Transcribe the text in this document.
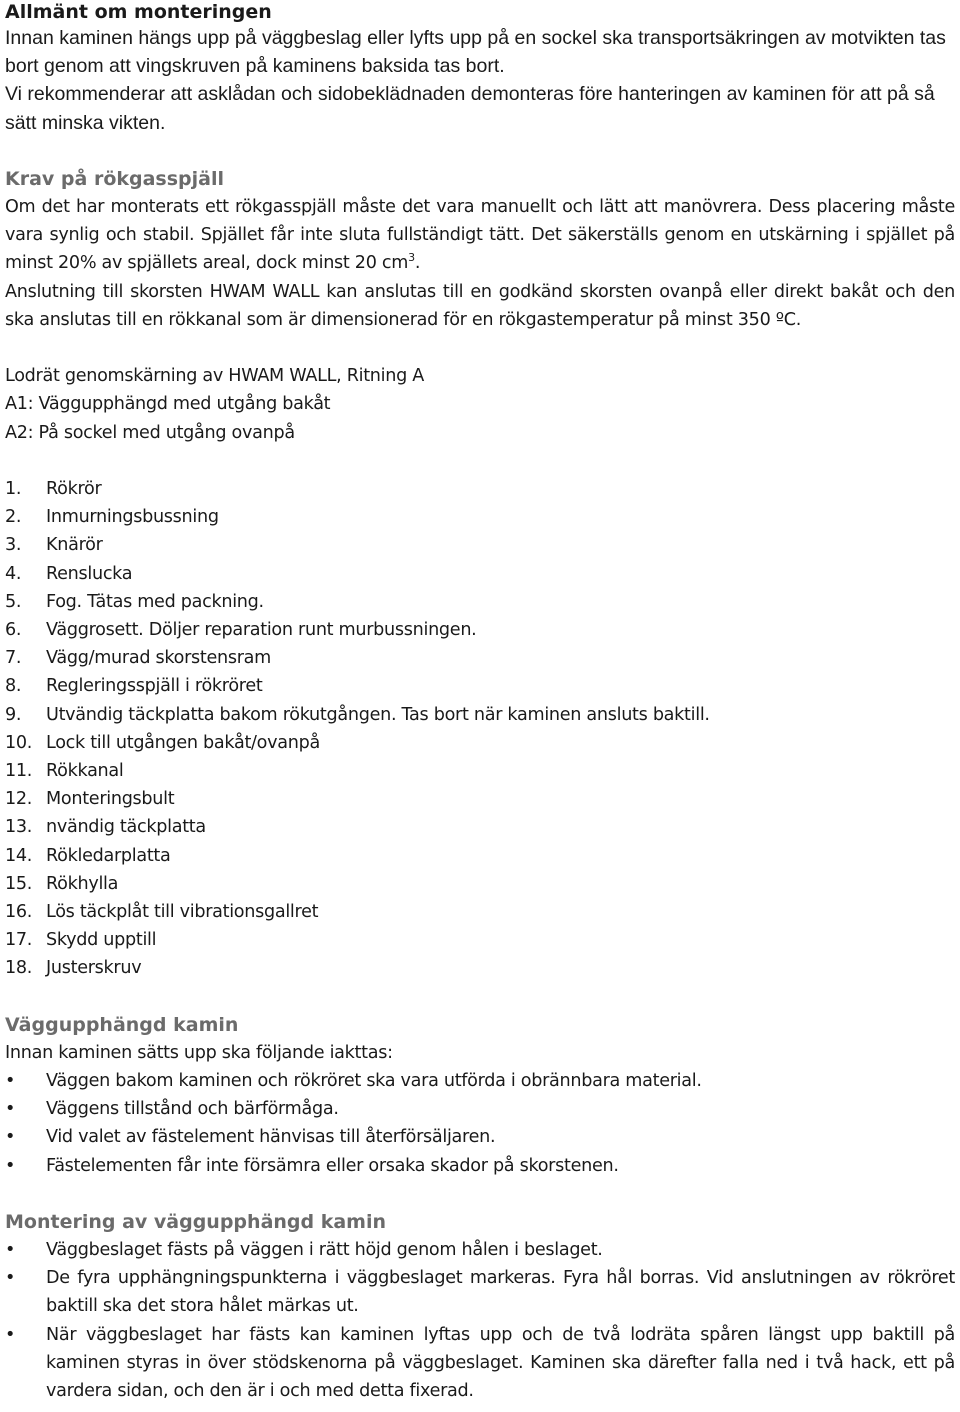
Allmänt om monteringen

Innan kaminen hängs upp på väggbeslag eller lyfts upp på en sockel ska transportsäkringen av motvikten tas bort genom att vingskruven på kaminens baksida tas bort.

Vi rekommenderar att asklådan och sidobeklädnaden demonteras före hanteringen av kaminen för att på så sätt minska vikten.

Krav på rökgasspjäll

Om det har monterats ett rökgasspjäll måste det vara manuellt och lätt att manövrera. Dess placering måste vara synlig och stabil. Spjället får inte sluta fullständigt tätt. Det säkerställs genom en utskärning i spjället på minst 20% av spjällets areal, dock minst 20 $cm^3$.

Anslutning till skorsten HWAM WALL kan anslutas till en godkänd skorsten ovanpå eller direkt bakåt och den ska anslutas till en rökkanal som är dimensionerad för en rökgastemperatur på minst 350 ºC.

Lodrät genomskärning av HWAM WALL, Ritning A

A1: Väggupphängd med utgång bakåt

A2: På sockel med utgång ovanpå

1.	Rökrör
2.	Inmurningsbussning
3.	Knärör
4.	Renslucka
5.	Fog. Tätas med packning.
6.	Väggrosett. Döljer reparation runt murbussningen.
7.	Vägg/murad skorstensram
8.	Regleringsspjäll i rökröret
9.	Utvändig täckplatta bakom rökutgången. Tas bort när kaminen ansluts baktill.
10. Lock till utgången bakåt/ovanpå
11. Rökkanal
12. Monteringsbult
13. nvändig täckplatta
14. Rökledarplatta
15. Rökhylla
16. Lös täckplåt till vibrationsgallret
17. Skydd upptill
18. Justerskruv
Väggupphängd kamin

Innan kaminen sätts upp ska följande iakttas:

•	Väggen bakom kaminen och rökröret ska vara utförda i obrännbara material.
•	Väggens tillstånd och bärförmåga.
•	Vid valet av fästelement hänvisas till återförsäljaren.
•	Fästelementen får inte försämra eller orsaka skador på skorstenen.
Montering av väggupphängd kamin
•	Väggbeslaget fästs på väggen i rätt höjd genom hålen i beslaget.
•	De fyra upphängningspunkterna i väggbeslaget markeras. Fyra hål borras. Vid anslutningen av rökröret baktill ska det stora hålet märkas ut.
•	När väggbeslaget har fästs kan kaminen lyftas upp och de två lodräta spåren längst upp baktill på kaminen styras in över stödskenorna på väggbeslaget. Kaminen ska därefter falla ned i två hack, ett på vardera sidan, och den är i och med detta fixerad.
